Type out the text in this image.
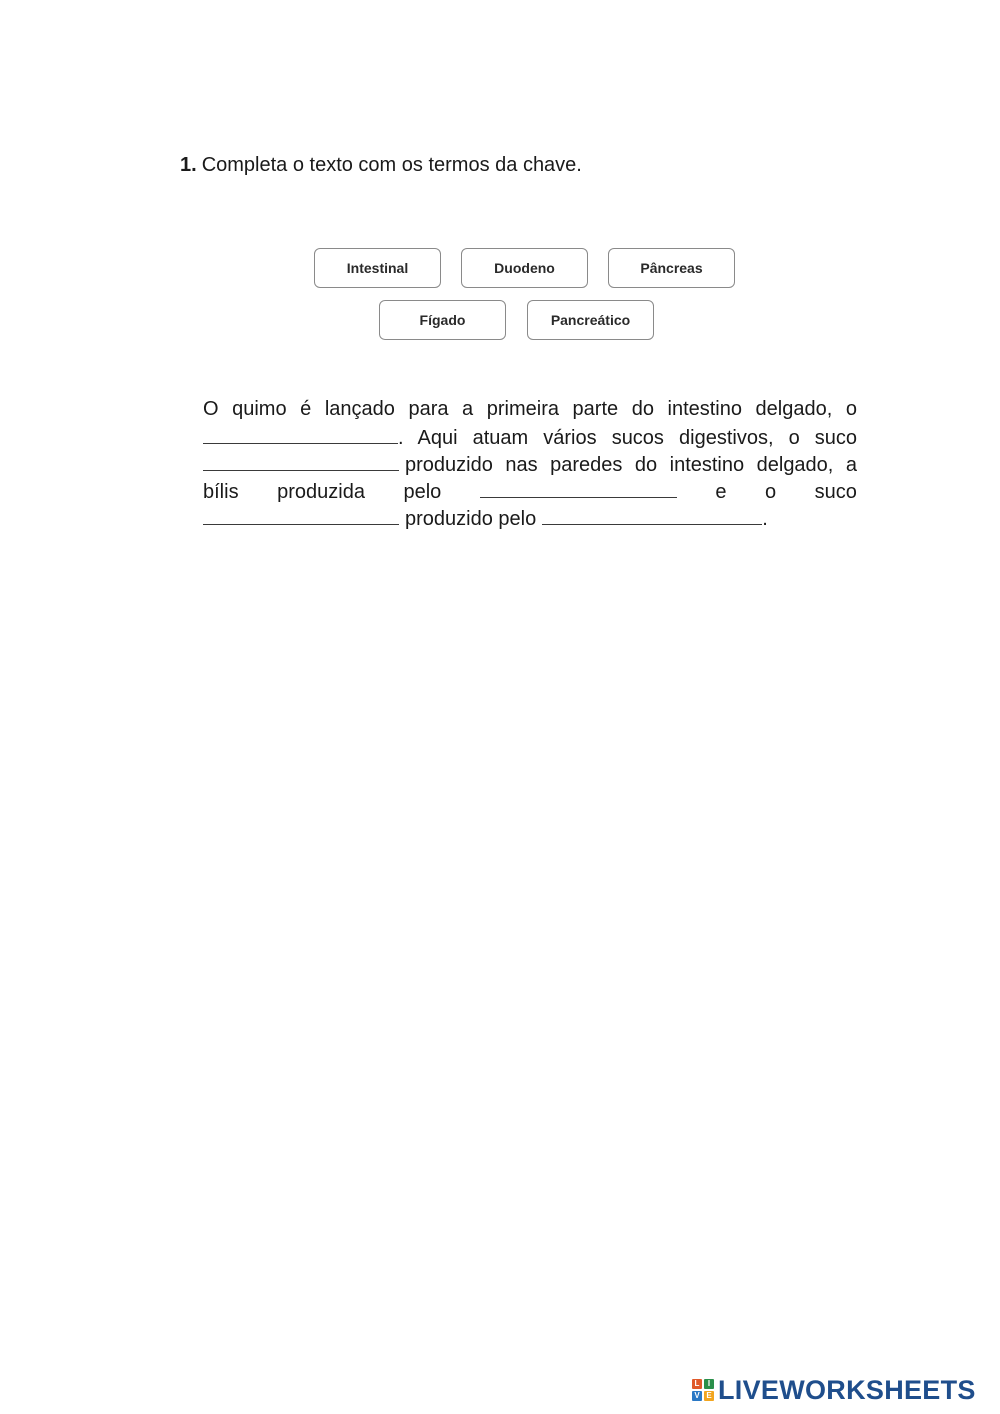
1. Completa o texto com os termos da chave.
Intestinal	Duodeno	Pâncreas
Fígado	Pancreático
O quimo é lançado para a primeira parte do intestino delgado, o
. Aqui atuam vários sucos digestivos, o suco
produzido nas paredes do intestino delgado, a
bílis produzida pelo	e o suco
produzido pelo	.
L	I
V E LIVEWORKSHEETS
